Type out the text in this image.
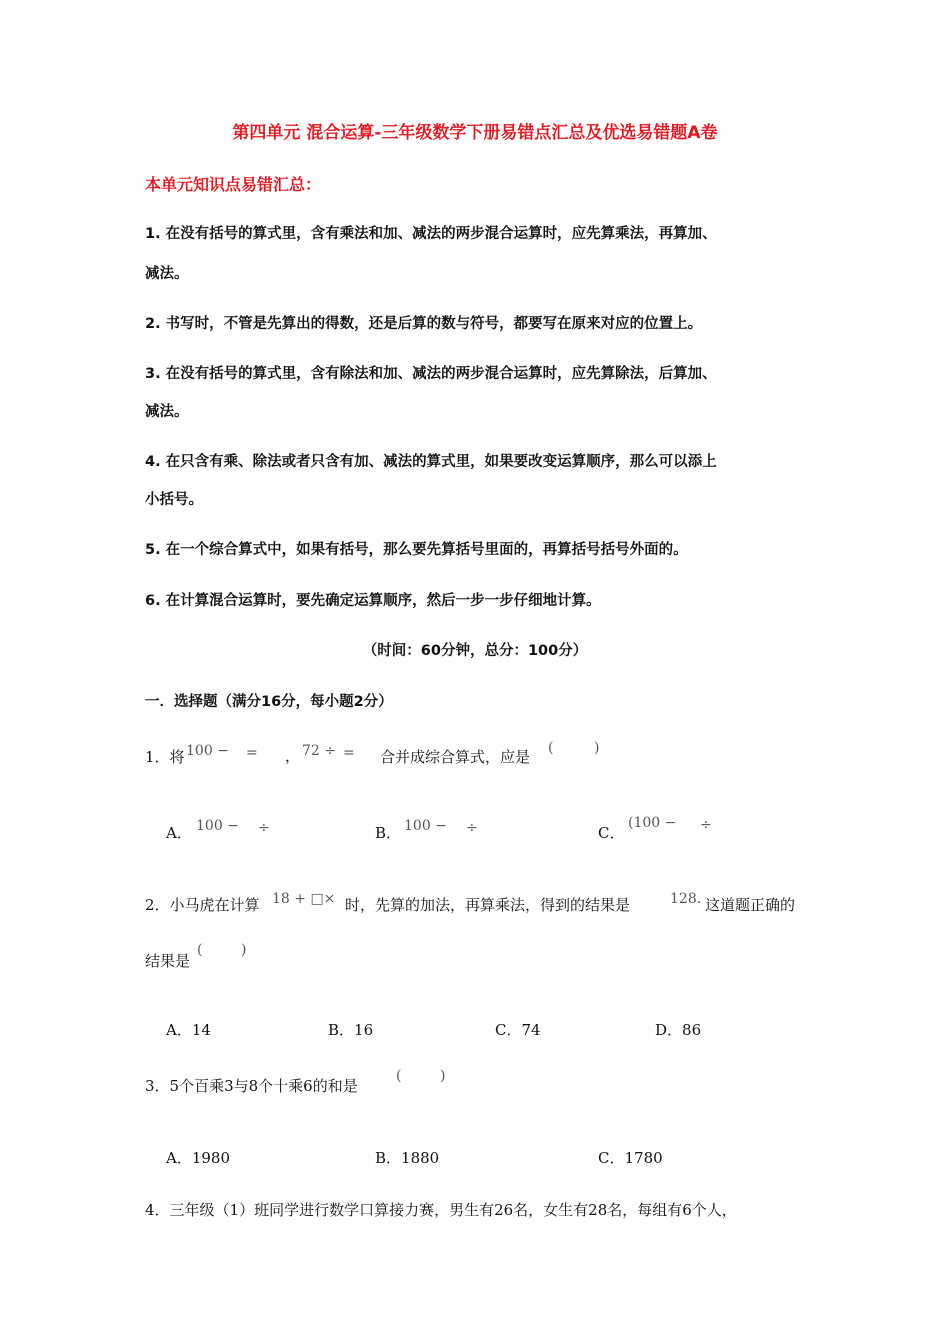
第四单元 混合运算-三年级数学下册易错点汇总及优选易错题A卷
本单元知识点易错汇总：
1. 在没有括号的算式里，含有乘法和加、减法的两步混合运算时，应先算乘法，再算加、
减法。
2. 书写时，不管是先算出的得数，还是后算的数与符号，都要写在原来对应的位置上。
3. 在没有括号的算式里，含有除法和加、减法的两步混合运算时，应先算除法，后算加、
减法。
4. 在只含有乘、除法或者只含有加、减法的算式里，如果要改变运算顺序，那么可以添上
小括号。
5. 在一个综合算式中，如果有括号，那么要先算括号里面的，再算括号括号外面的。
6. 在计算混合运算时，要先确定运算顺序，然后一步一步仔细地计算。
（时间：60分钟，总分：100分）
一．选择题（满分16分，每小题2分）
1．将 100 − = ， 72 ÷ = 合并成综合算式，应是 (	)
A． 100 − ÷	B． 100 − ÷	C．
(100 − ÷
2．小马虎在计算 18 + □× 时，先算的加法，再算乘法，得到的结果是	128. 这道题正确的
结果是
(	)
A．14	B．16	C．74	D．86
3．5个百乘3与8个十乘6的和是
(	)
A．1980	B．1880	C．1780
4．三年级（1）班同学进行数学口算接力赛，男生有26名，女生有28名，每组有6个人，
